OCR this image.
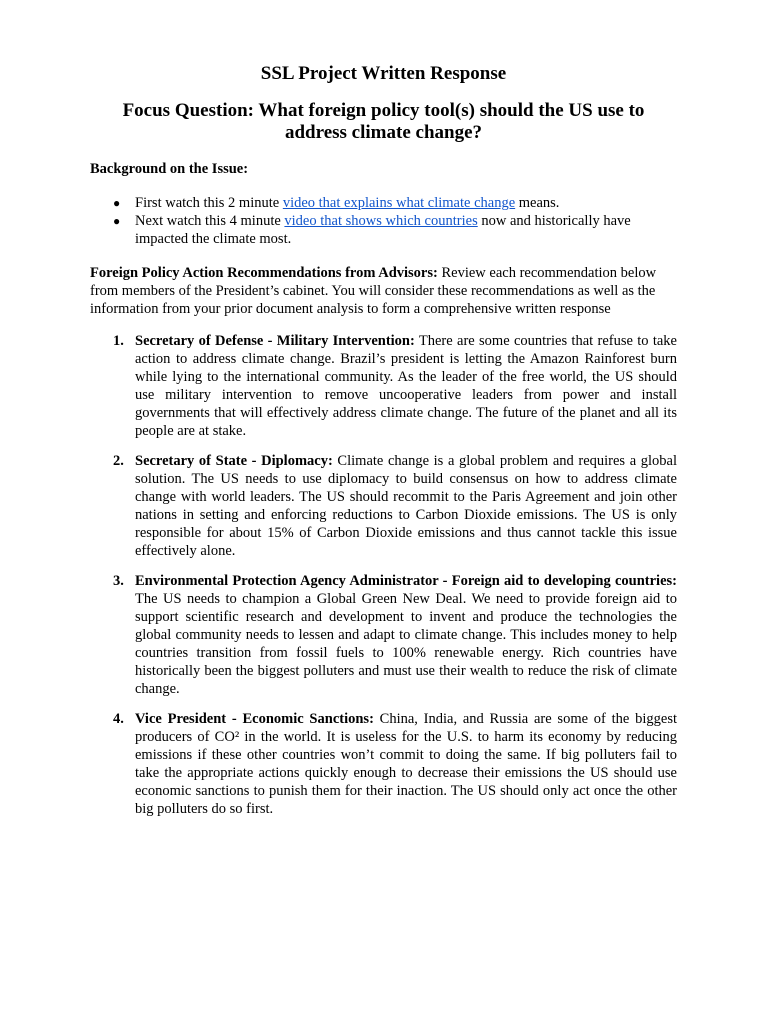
SSL Project Written Response
Focus Question: What foreign policy tool(s) should the US use to address climate change?
Background on the Issue:
● First watch this 2 minute video that explains what climate change means.
● Next watch this 4 minute video that shows which countries now and historically have impacted the climate most.
Foreign Policy Action Recommendations from Advisors: Review each recommendation below from members of the President’s cabinet. You will consider these recommendations as well as the information from your prior document analysis to form a comprehensive written response
1. Secretary of Defense - Military Intervention: There are some countries that refuse to take action to address climate change. Brazil’s president is letting the Amazon Rainforest burn while lying to the international community. As the leader of the free world, the US should use military intervention to remove uncooperative leaders from power and install governments that will effectively address climate change. The future of the planet and all its people are at stake.
2. Secretary of State - Diplomacy: Climate change is a global problem and requires a global solution. The US needs to use diplomacy to build consensus on how to address climate change with world leaders. The US should recommit to the Paris Agreement and join other nations in setting and enforcing reductions to Carbon Dioxide emissions. The US is only responsible for about 15% of Carbon Dioxide emissions and thus cannot tackle this issue effectively alone.
3. Environmental Protection Agency Administrator - Foreign aid to developing countries: The US needs to champion a Global Green New Deal. We need to provide foreign aid to support scientific research and development to invent and produce the technologies the global community needs to lessen and adapt to climate change. This includes money to help countries transition from fossil fuels to 100% renewable energy. Rich countries have historically been the biggest polluters and must use their wealth to reduce the risk of climate change.
4. Vice President - Economic Sanctions: China, India, and Russia are some of the biggest producers of CO² in the world. It is useless for the U.S. to harm its economy by reducing emissions if these other countries won’t commit to doing the same. If big polluters fail to take the appropriate actions quickly enough to decrease their emissions the US should use economic sanctions to punish them for their inaction. The US should only act once the other big polluters do so first.
